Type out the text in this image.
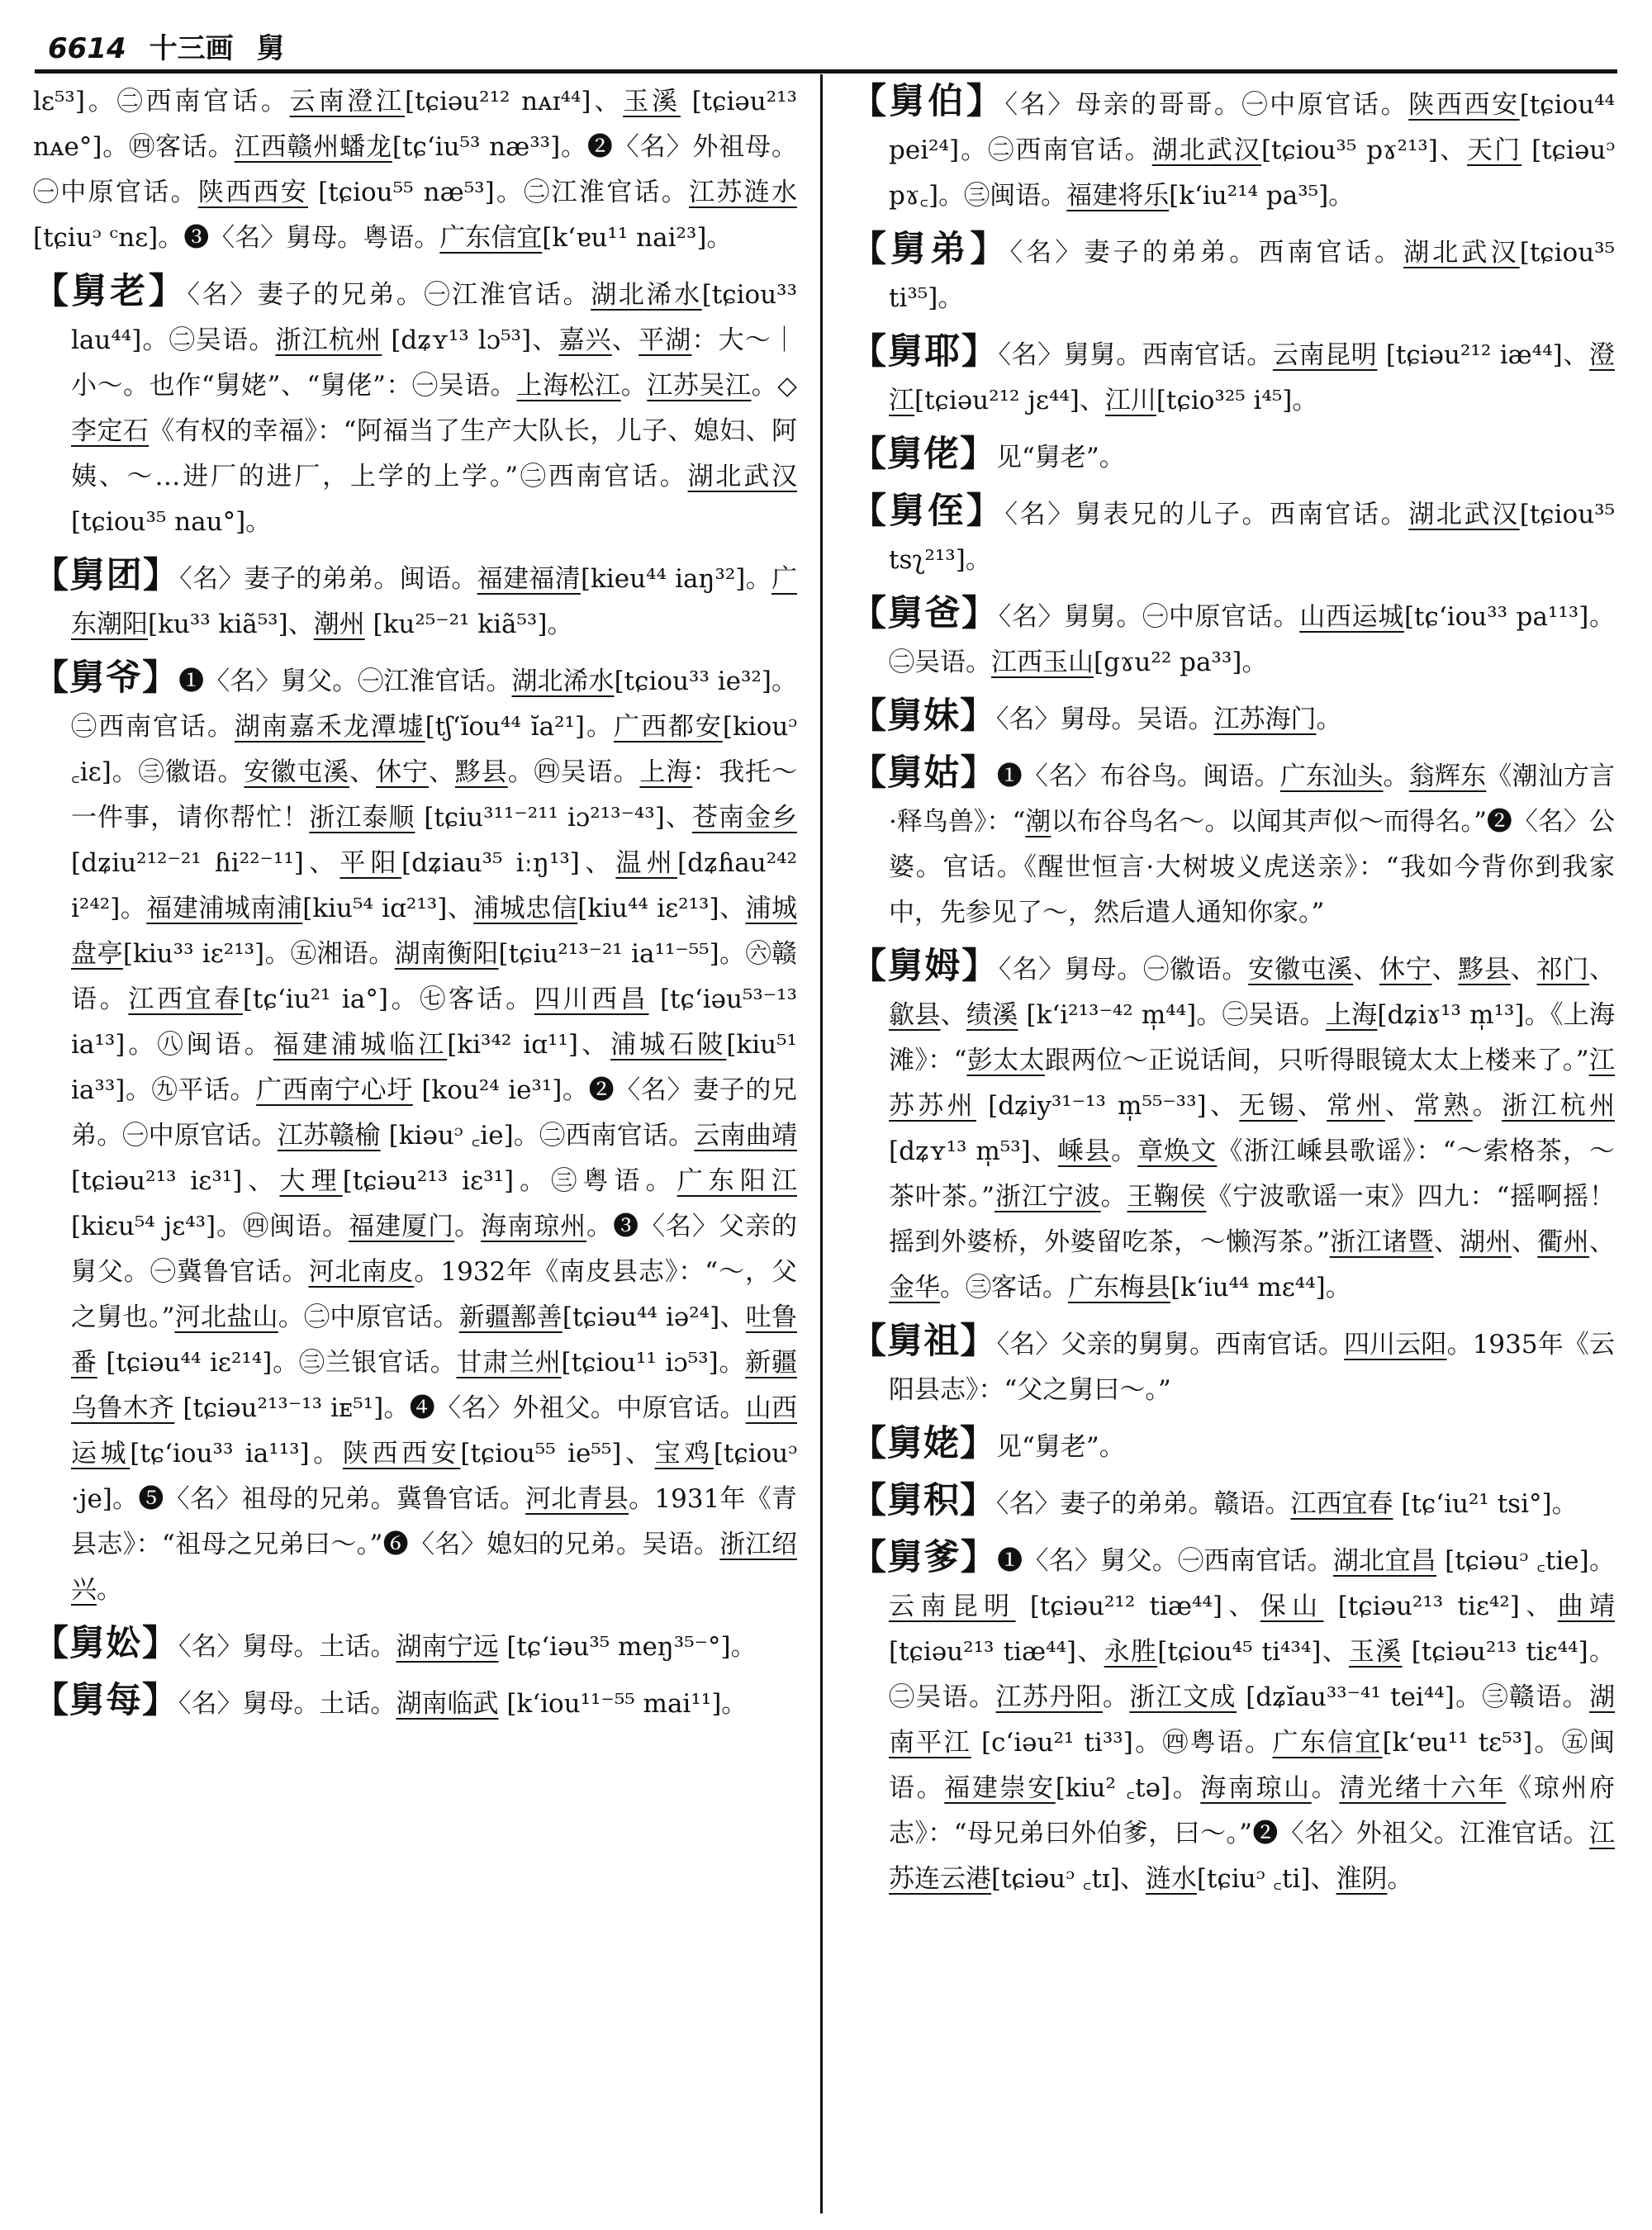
6614 十三画 舅

lɛ⁵³]。㊁西南官话。云南澄江[tɕiəu²¹² nᴀɪ⁴⁴]、玉溪 [tɕiəu²¹³ nᴀe°]。㊃客话。江西赣州蟠龙[tɕʻiu⁵³ næ³³]。❷〈名〉外祖母。㊀中原官话。陕西西安 [tɕiou⁵⁵ næ⁵³]。㊁江淮官话。江苏涟水[tɕiuᵓ ᶜnɛ]。❸〈名〉舅母。粤语。广东信宜[kʻɐu¹¹ nai²³]。

【舅老】〈名〉妻子的兄弟。㊀江淮官话。湖北浠水[tɕiou³³ lau⁴⁴]。㊁吴语。浙江杭州 [dʑʏ¹³ lɔ⁵³]、嘉兴、平湖：大～｜小～。也作“舅姥”、“舅佬”：㊀吴语。上海松江。江苏吴江。◇李定石《有权的幸福》：“阿福当了生产大队长，儿子、媳妇、阿姨、～…进厂的进厂，上学的上学。”㊁西南官话。湖北武汉[tɕiou³⁵ nau°]。

【舅团】〈名〉妻子的弟弟。闽语。福建福清[kieu⁴⁴ iaŋ³²]。广东潮阳[ku³³ kiã⁵³]、潮州 [ku²⁵⁻²¹ kiã⁵³]。

【舅爷】❶〈名〉舅父。㊀江淮官话。湖北浠水[tɕiou³³ ie³²]。㊁西南官话。湖南嘉禾龙潭墟[tʃʻĭou⁴⁴ ĭa²¹]。广西都安[kiouᵓ ꜀iɛ]。㊂徽语。安徽屯溪、休宁、黟县。㊃吴语。上海：我托～一件事，请你帮忙！浙江泰顺 [tɕiu³¹¹⁻²¹¹ iɔ²¹³⁻⁴³]、苍南金乡[dʑiu²¹²⁻²¹ ɦi²²⁻¹¹]、平阳[dʑiau³⁵ iːŋ¹³]、温州[dʑɦau²⁴² i²⁴²]。福建浦城南浦[kiu⁵⁴ iɑ²¹³]、浦城忠信[kiu⁴⁴ iɛ²¹³]、浦城盘亭[kiu³³ iɛ²¹³]。㊄湘语。湖南衡阳[tɕiu²¹³⁻²¹ ia¹¹⁻⁵⁵]。㊅赣语。江西宜春[tɕʻiu²¹ ia°]。㊆客话。四川西昌 [tɕʻiəu⁵³⁻¹³ ia¹³]。㊇闽语。福建浦城临江[ki³⁴² iɑ¹¹]、浦城石陂[kiu⁵¹ ia³³]。㊈平话。广西南宁心圩 [kou²⁴ ie³¹]。❷〈名〉妻子的兄弟。㊀中原官话。江苏赣榆 [kiəuᵓ ꜀ie]。㊁西南官话。云南曲靖[tɕiəu²¹³ iɛ³¹]、大理[tɕiəu²¹³ iɛ³¹]。㊂粤语。广东阳江 [kiɛu⁵⁴ jɛ⁴³]。㊃闽语。福建厦门。海南琼州。❸〈名〉父亲的舅父。㊀冀鲁官话。河北南皮。1932年《南皮县志》：“～，父之舅也。”河北盐山。㊁中原官话。新疆鄯善[tɕiəu⁴⁴ iə²⁴]、吐鲁番 [tɕiəu⁴⁴ iɛ²¹⁴]。㊂兰银官话。甘肃兰州[tɕiou¹¹ iɔ⁵³]。新疆乌鲁木齐 [tɕiəu²¹³⁻¹³ iᴇ⁵¹]。❹〈名〉外祖父。中原官话。山西运城[tɕʻiou³³ ia¹¹³]。陕西西安[tɕiou⁵⁵ ie⁵⁵]、宝鸡[tɕiouᵓ ·je]。❺〈名〉祖母的兄弟。冀鲁官话。河北青县。1931年《青县志》：“祖母之兄弟曰～。”❻〈名〉媳妇的兄弟。吴语。浙江绍兴。

【舅妐】〈名〉舅母。土话。湖南宁远 [tɕʻiəu³⁵ meŋ³⁵⁻°]。

【舅每】〈名〉舅母。土话。湖南临武 [kʻiou¹¹⁻⁵⁵ mai¹¹]。

【舅伯】〈名〉母亲的哥哥。㊀中原官话。陕西西安[tɕiou⁴⁴ pei²⁴]。㊁西南官话。湖北武汉[tɕiou³⁵ pɤ²¹³]、天门 [tɕiəuᵓ pɤ꜀]。㊂闽语。福建将乐[kʻiu²¹⁴ pa³⁵]。

【舅弟】〈名〉妻子的弟弟。西南官话。湖北武汉[tɕiou³⁵ ti³⁵]。

【舅耶】〈名〉舅舅。西南官话。云南昆明 [tɕiəu²¹² iæ⁴⁴]、澄江[tɕiəu²¹² jɛ⁴⁴]、江川[tɕio³²⁵ i⁴⁵]。

【舅佬】见“舅老”。

【舅侄】〈名〉舅表兄的儿子。西南官话。湖北武汉[tɕiou³⁵ tsʅ²¹³]。

【舅爸】〈名〉舅舅。㊀中原官话。山西运城[tɕʻiou³³ pa¹¹³]。㊁吴语。江西玉山[gɤu²² pa³³]。

【舅妹】〈名〉舅母。吴语。江苏海门。

【舅姑】❶〈名〉布谷鸟。闽语。广东汕头。翁辉东《潮汕方言·释鸟兽》：“潮以布谷鸟名～。以闻其声似～而得名。”❷〈名〉公婆。官话。《醒世恒言·大树坡义虎送亲》：“我如今背你到我家中，先参见了～，然后遣人通知你家。”

【舅姆】〈名〉舅母。㊀徽语。安徽屯溪、休宁、黟县、祁门、歙县、绩溪 [kʻi²¹³⁻⁴² m̩⁴⁴]。㊁吴语。上海[dʑiɤ¹³ m̩¹³]。《上海滩》：“彭太太跟两位～正说话间，只听得眼镜太太上楼来了。”江苏苏州 [dʑiy³¹⁻¹³ m̩⁵⁵⁻³³]、无锡、常州、常熟。浙江杭州[dʑʏ¹³ m̩⁵³]、嵊县。章焕文《浙江嵊县歌谣》：“～索格茶，～茶叶茶。”浙江宁波。王鞠侯《宁波歌谣一束》四九：“摇啊摇！摇到外婆桥，外婆留吃茶，～懒泻茶。”浙江诸暨、湖州、衢州、金华。㊂客话。广东梅县[kʻiu⁴⁴ mɛ⁴⁴]。

【舅祖】〈名〉父亲的舅舅。西南官话。四川云阳。1935年《云阳县志》：“父之舅曰～。”

【舅姥】见“舅老”。

【舅积】〈名〉妻子的弟弟。赣语。江西宜春 [tɕʻiu²¹ tsi°]。

【舅爹】❶〈名〉舅父。㊀西南官话。湖北宜昌 [tɕiəuᵓ ꜀tie]。云南昆明 [tɕiəu²¹² tiæ⁴⁴]、保山 [tɕiəu²¹³ tiɛ⁴²]、曲靖[tɕiəu²¹³ tiæ⁴⁴]、永胜[tɕiou⁴⁵ ti⁴³⁴]、玉溪 [tɕiəu²¹³ tiɛ⁴⁴]。㊁吴语。江苏丹阳。浙江文成 [dʑĭau³³⁻⁴¹ tei⁴⁴]。㊂赣语。湖南平江 [cʻiəu²¹ ti³³]。㊃粤语。广东信宜[kʻɐu¹¹ tɛ⁵³]。㊄闽语。福建崇安[kiu² ꜀tə]。海南琼山。清光绪十六年《琼州府志》：“母兄弟曰外伯爹，曰～。”❷〈名〉外祖父。江淮官话。江苏连云港[tɕiəuᵓ ꜀tɪ]、涟水[tɕiuᵓ ꜀ti]、淮阴。
